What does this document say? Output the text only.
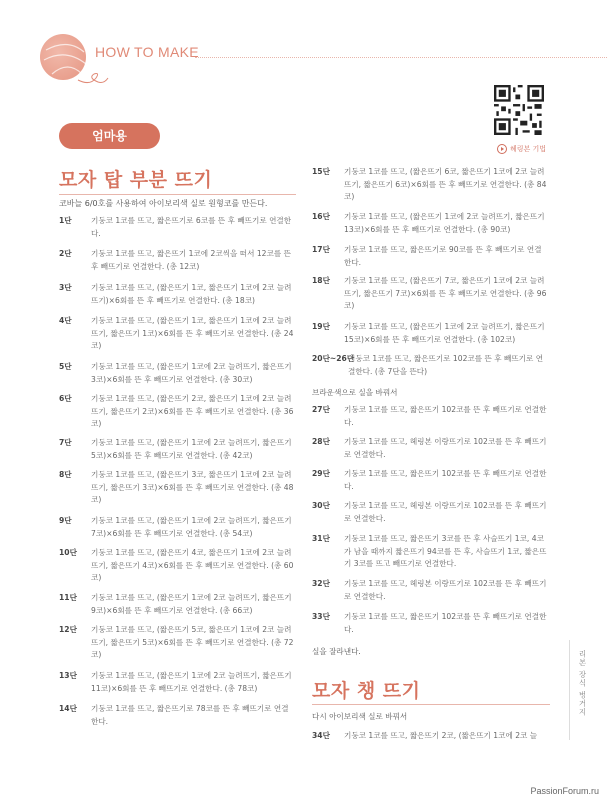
HOW TO MAKE
헤링본 기법
엄마용
모자 탑 부분 뜨기
코바늘 6/0호를 사용하여 아이보리색 실로 원형코를 만든다.
1단	기둥코 1코를 뜨고, 짧은뜨기로 6코를 뜬 후 빼뜨기로 연결한다.
2단	기둥코 1코를 뜨고, 짧은뜨기 1코에 2코씩을 떠서 12코를 뜬 후 빼뜨기로 연결한다. (총 12코)
3단	기둥코 1코를 뜨고, (짧은뜨기 1코, 짧은뜨기 1코에 2코 늘려뜨기)×6회를 뜬 후 빼뜨기로 연결한다. (총 18코)
4단	기둥코 1코를 뜨고, (짧은뜨기 1코, 짧은뜨기 1코에 2코 늘려뜨기, 짧은뜨기 1코)×6회를 뜬 후 빼뜨기로 연결한다. (총 24코)
5단	기둥코 1코를 뜨고, (짧은뜨기 1코에 2코 늘려뜨기, 짧은뜨기 3코)×6회를 뜬 후 빼뜨기로 연결한다. (총 30코)
6단	기둥코 1코를 뜨고, (짧은뜨기 2코, 짧은뜨기 1코에 2코 늘려뜨기, 짧은뜨기 2코)×6회를 뜬 후 빼뜨기로 연결한다. (총 36코)
7단	기둥코 1코를 뜨고, (짧은뜨기 1코에 2코 늘려뜨기, 짧은뜨기 5코)×6회를 뜬 후 빼뜨기로 연결한다. (총 42코)
8단	기둥코 1코를 뜨고, (짧은뜨기 3코, 짧은뜨기 1코에 2코 늘려뜨기, 짧은뜨기 3코)×6회를 뜬 후 빼뜨기로 연결한다. (총 48코)
9단	기둥코 1코를 뜨고, (짧은뜨기 1코에 2코 늘려뜨기, 짧은뜨기 7코)×6회를 뜬 후 빼뜨기로 연결한다. (총 54코)
10단 기둥코 1코를 뜨고, (짧은뜨기 4코, 짧은뜨기 1코에 2코 늘려뜨기, 짧은뜨기 4코)×6회를 뜬 후 빼뜨기로 연결한다. (총 60코)
11단 기둥코 1코를 뜨고, (짧은뜨기 1코에 2코 늘려뜨기, 짧은뜨기 9코)×6회를 뜬 후 빼뜨기로 연결한다. (총 66코)
12단 기둥코 1코를 뜨고, (짧은뜨기 5코, 짧은뜨기 1코에 2코 늘려뜨기, 짧은뜨기 5코)×6회를 뜬 후 빼뜨기로 연결한다. (총 72코)
13단 기둥코 1코를 뜨고, (짧은뜨기 1코에 2코 늘려뜨기, 짧은뜨기 11코)×6회를 뜬 후 빼뜨기로 연결한다. (총 78코)
14단 기둥코 1코를 뜨고, 짧은뜨기로 78코를 뜬 후 빼뜨기로 연결한다.
15단 기둥코 1코를 뜨고, (짧은뜨기 6코, 짧은뜨기 1코에 2코 늘려뜨기, 짧은뜨기 6코)×6회를 뜬 후 빼뜨기로 연결한다. (총 84코)
16단 기둥코 1코를 뜨고, (짧은뜨기 1코에 2코 늘려뜨기, 짧은뜨기 13코)×6회를 뜬 후 빼뜨기로 연결한다. (총 90코)
17단 기둥코 1코를 뜨고, 짧은뜨기로 90코를 뜬 후 빼뜨기로 연결한다.
18단 기둥코 1코를 뜨고, (짧은뜨기 7코, 짧은뜨기 1코에 2코 늘려뜨기, 짧은뜨기 7코)×6회를 뜬 후 빼뜨기로 연결한다. (총 96코)
19단 기둥코 1코를 뜨고, (짧은뜨기 1코에 2코 늘려뜨기, 짧은뜨기 15코)×6회를 뜬 후 빼뜨기로 연결한다. (총 102코)
20단~26단
기둥코 1코를 뜨고, 짧은뜨기로 102코를 뜬 후 빼뜨기로 연결한다. (총 7단을 뜬다)
브라운색으로 실을 바꿔서
27단 기둥코 1코를 뜨고, 짧은뜨기 102코를 뜬 후 빼뜨기로 연결한다.
28단 기둥코 1코를 뜨고, 헤링본 이랑뜨기로 102코를 뜬 후 빼뜨기로 연결한다.
29단 기둥코 1코를 뜨고, 짧은뜨기 102코를 뜬 후 빼뜨기로 연결한다.
30단 기둥코 1코를 뜨고, 헤링본 이랑뜨기로 102코를 뜬 후 빼뜨기로 연결한다.
31단 기둥코 1코를 뜨고, 짧은뜨기 3코를 뜬 후 사슬뜨기 1코, 4코가 남을 때까지 짧은뜨기 94코를 뜬 후, 사슬뜨기 1코, 짧은뜨기 3코를 뜨고 빼뜨기로 연결한다.
32단 기둥코 1코를 뜨고, 헤링본 이랑뜨기로 102코를 뜬 후 빼뜨기로 연결한다.
33단 기둥코 1코를 뜨고, 짧은뜨기 102코를 뜬 후 빼뜨기로 연결한다.
실을 잘라낸다.
모자 챙 뜨기
다시 아이보리색 실로 바꿔서
34단 기둥코 1코를 뜨고, 짧은뜨기 2코, (짧은뜨기 1코에 2코 늘
리본 장식 벙거지
PassionForum.ru
